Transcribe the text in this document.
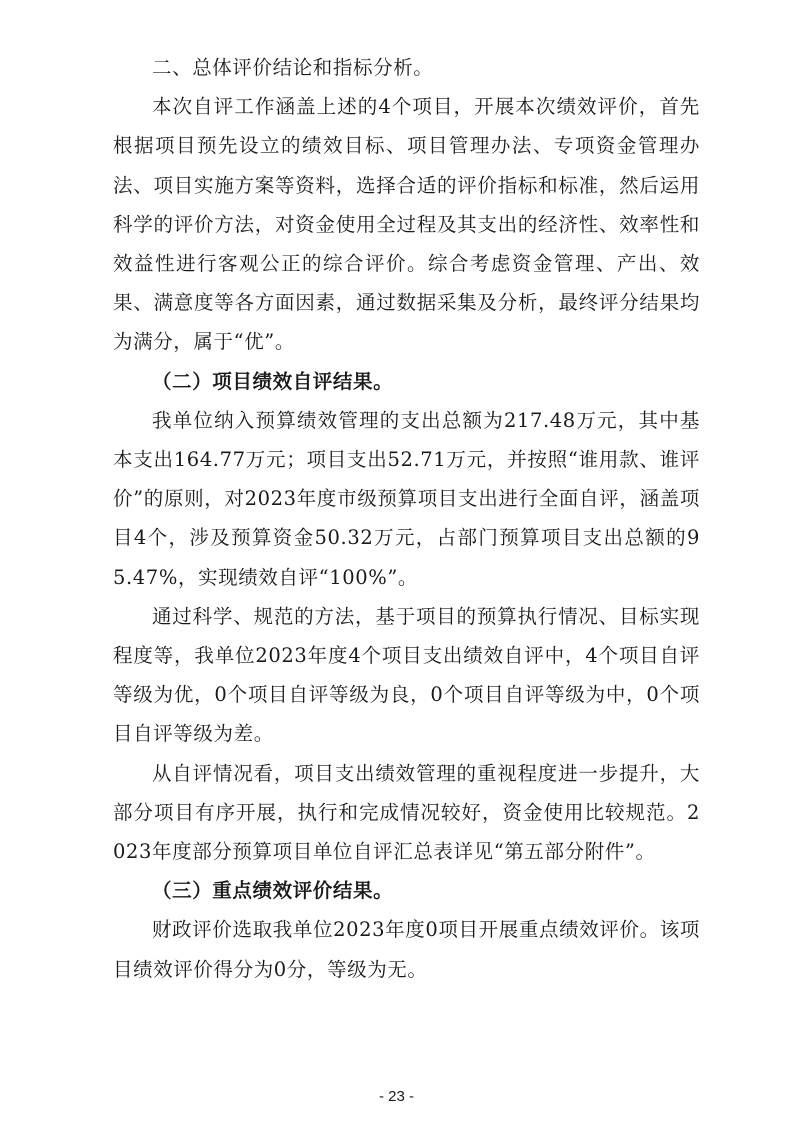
二、总体评价结论和指标分析。

本次自评工作涵盖上述的4个项目，开展本次绩效评价，首先根据项目预先设立的绩效目标、项目管理办法、专项资金管理办法、项目实施方案等资料，选择合适的评价指标和标准，然后运用科学的评价方法，对资金使用全过程及其支出的经济性、效率性和效益性进行客观公正的综合评价。综合考虑资金管理、产出、效果、满意度等各方面因素，通过数据采集及分析，最终评分结果均为满分，属于“优”。

（二）项目绩效自评结果。

我单位纳入预算绩效管理的支出总额为217.48万元，其中基本支出164.77万元；项目支出52.71万元，并按照“谁用款、谁评价”的原则，对2023年度市级预算项目支出进行全面自评，涵盖项目4个，涉及预算资金50.32万元，占部门预算项目支出总额的95.47%，实现绩效自评“100%”。

通过科学、规范的方法，基于项目的预算执行情况、目标实现程度等，我单位2023年度4个项目支出绩效自评中，4个项目自评等级为优，0个项目自评等级为良，0个项目自评等级为中，0个项目自评等级为差。

从自评情况看，项目支出绩效管理的重视程度进一步提升，大部分项目有序开展，执行和完成情况较好，资金使用比较规范。2023年度部分预算项目单位自评汇总表详见“第五部分附件”。

（三）重点绩效评价结果。

财政评价选取我单位2023年度0项目开展重点绩效评价。该项目绩效评价得分为0分，等级为无。

- 23 -
